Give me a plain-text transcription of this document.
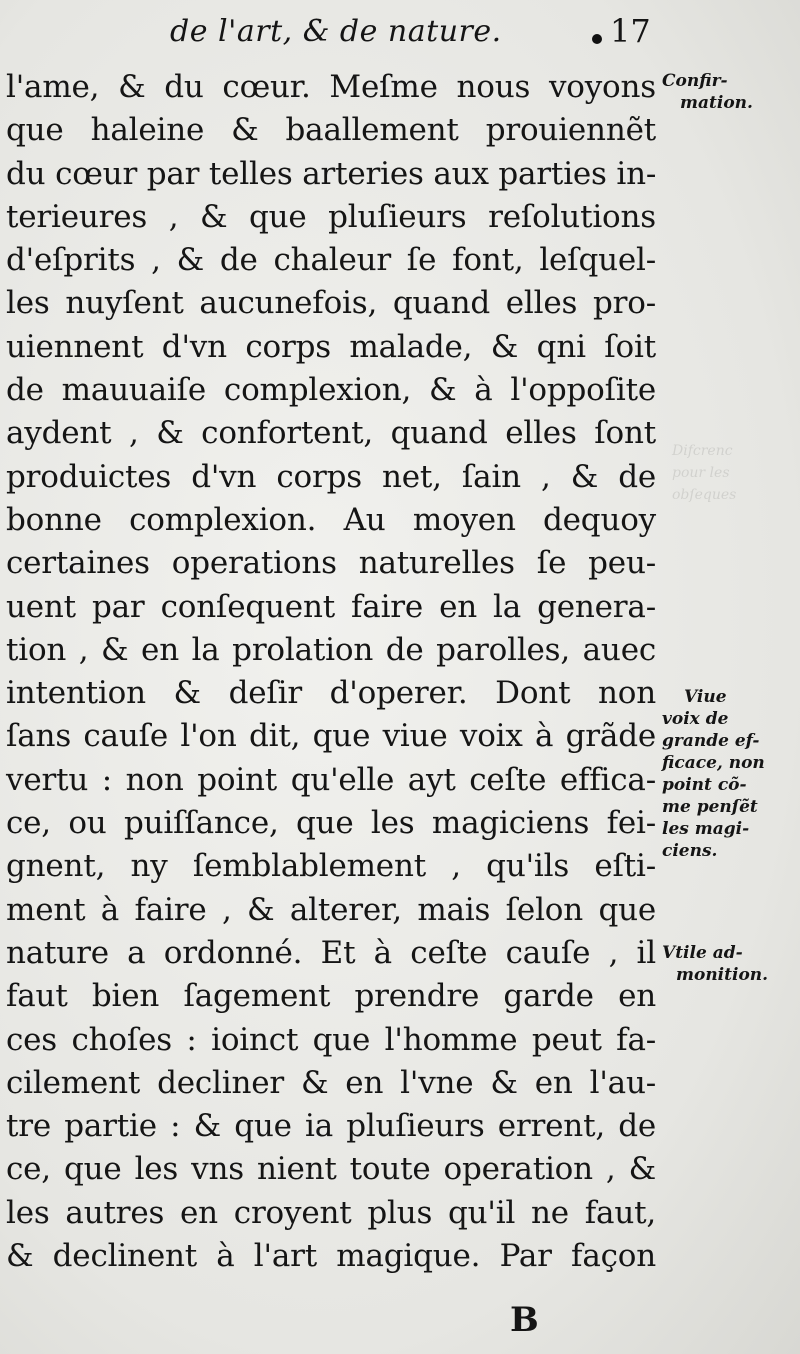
Difcrenc
pour les
obſeques
de l'art, & de nature.	17
l'ame, & du cœur. Meſme nous voyons
que haleine & baallement prouiennẽt
du cœur par telles arteries aux parties in-
terieures , & que pluſieurs reſolutions
d'eſprits , & de chaleur ſe font, leſquel-
les nuyſent aucunefois, quand elles pro-
uiennent d'vn corps malade, & qni ſoit
de mauuaiſe complexion, & à l'oppoſite
aydent , & confortent, quand elles ſont
produictes d'vn corps net, ſain , & de
bonne complexion. Au moyen dequoy
certaines operations naturelles ſe peu-
uent par conſequent faire en la genera-
tion , & en la prolation de parolles, auec
intention & deſir d'operer. Dont non
ſans cauſe l'on dit, que viue voix à grãde
vertu : non point qu'elle ayt ceſte effica-
ce, ou puiſſance, que les magiciens fei-
gnent, ny ſemblablement , qu'ils eſti-
ment à faire , & alterer, mais ſelon que
nature a ordonné. Et à ceſte cauſe , il
faut bien ſagement prendre garde en
ces choſes : ioinct que l'homme peut fa-
cilement decliner & en l'vne & en l'au-
tre partie : & que ia pluſieurs errent, de
ce, que les vns nient toute operation , &
les autres en croyent plus qu'il ne faut,
& declinent à l'art magique. Par façon
Confir-
mation.
Viue
voix de
grande ef-
ficace, non
point cõ-
me penſẽt
les magi-
ciens.
Vtile ad-
monition.
B
